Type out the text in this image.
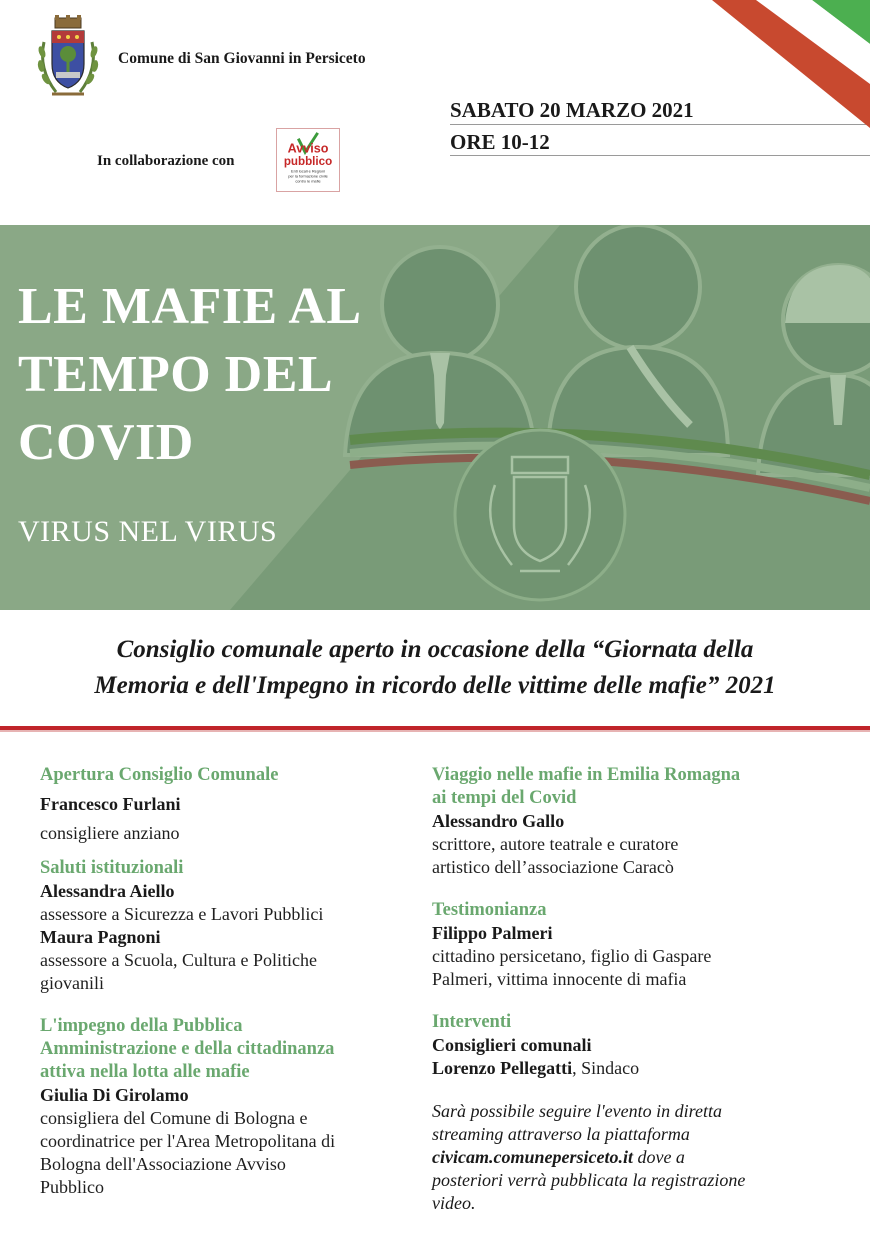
Comune di San Giovanni in Persiceto
In collaborazione con
Avviso
pubblico
Enti locali e Regioni
per la formazione civile
contro le mafie
SABATO 20 MARZO 2021
ORE 10-12
LE MAFIE AL
TEMPO DEL
COVID
VIRUS NEL VIRUS
Consiglio comunale aperto in occasione della “Giornata della
Memoria e dell'Impegno in ricordo delle vittime delle mafie” 2021
Apertura Consiglio Comunale
Francesco Furlani
consigliere anziano
Saluti istituzionali
Alessandra Aiello
assessore a Sicurezza e Lavori Pubblici
Maura Pagnoni
assessore a Scuola, Cultura e Politiche
giovanili
L'impegno della Pubblica
Amministrazione e della cittadinanza
attiva nella lotta alle mafie
Giulia Di Girolamo
consigliera del Comune di Bologna e
coordinatrice per l'Area Metropolitana di
Bologna dell'Associazione Avviso
Pubblico
Viaggio nelle mafie in Emilia Romagna
ai tempi del Covid
Alessandro Gallo
scrittore, autore teatrale e curatore
artistico dell’associazione Caracò
Testimonianza
Filippo Palmeri
cittadino persicetano, figlio di Gaspare
Palmeri, vittima innocente di mafia
Interventi
Consiglieri comunali
Lorenzo Pellegatti, Sindaco
Sarà possibile seguire l'evento in diretta
streaming attraverso la piattaforma
civicam.comunepersiceto.it dove a
posteriori verrà pubblicata la registrazione
video.
